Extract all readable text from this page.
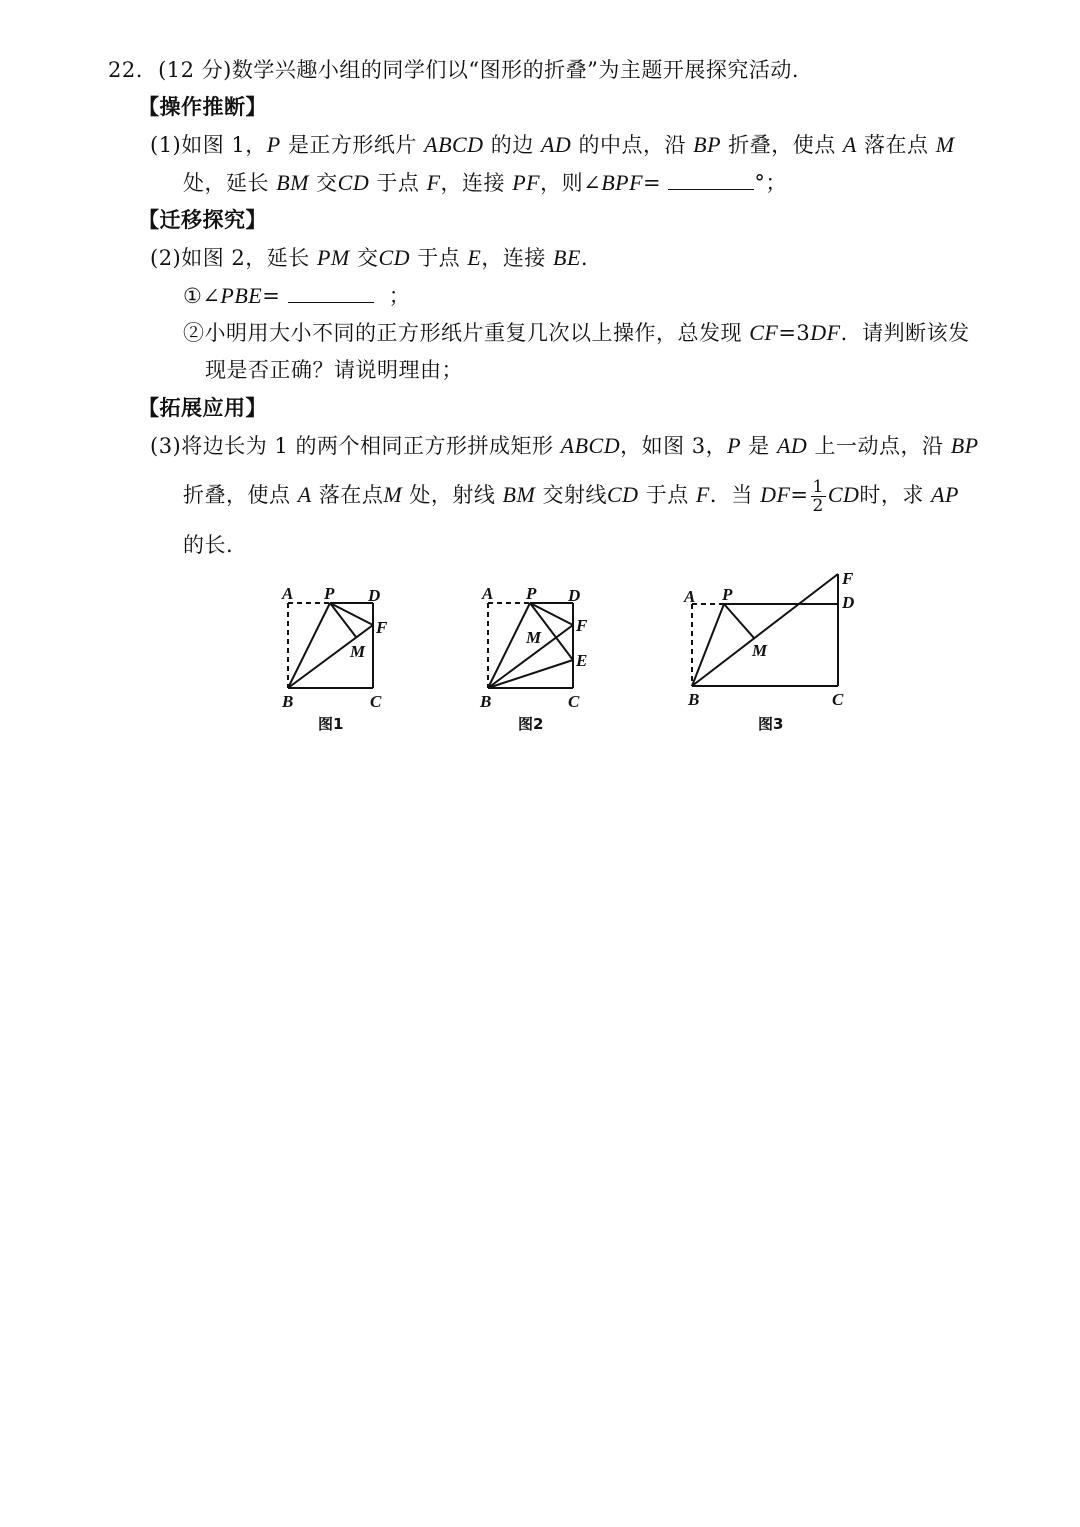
22. (12 分)数学兴趣小组的同学们以“图形的折叠”为主题开展探究活动.
【操作推断】
(1)如图 1，P 是正方形纸片 ABCD 的边 AD 的中点，沿 BP 折叠，使点 A 落在点 M
处，延长 BM 交CD 于点 F，连接 PF，则∠BPF=	°；
【迁移探究】
(2)如图 2，延长 PM 交CD 于点 E，连接 BE.
①∠PBE=	；
②小明用大小不同的正方形纸片重复几次以上操作，总发现 CF=3DF．请判断该发
现是否正确？请说明理由；
【拓展应用】
(3)将边长为 1 的两个相同正方形拼成矩形 ABCD，如图 3，P 是 AD 上一动点，沿 BP
折叠，使点 A 落在点M 处，射线 BM 交射线CD 于点 F．当 $DF= \frac{1}{2}$ CD时，求 AP
的长.
A P D
F
M
B	C
图1
A P D
M
F
E
B	C
图2
A P
F
D
M
B	C
图3
